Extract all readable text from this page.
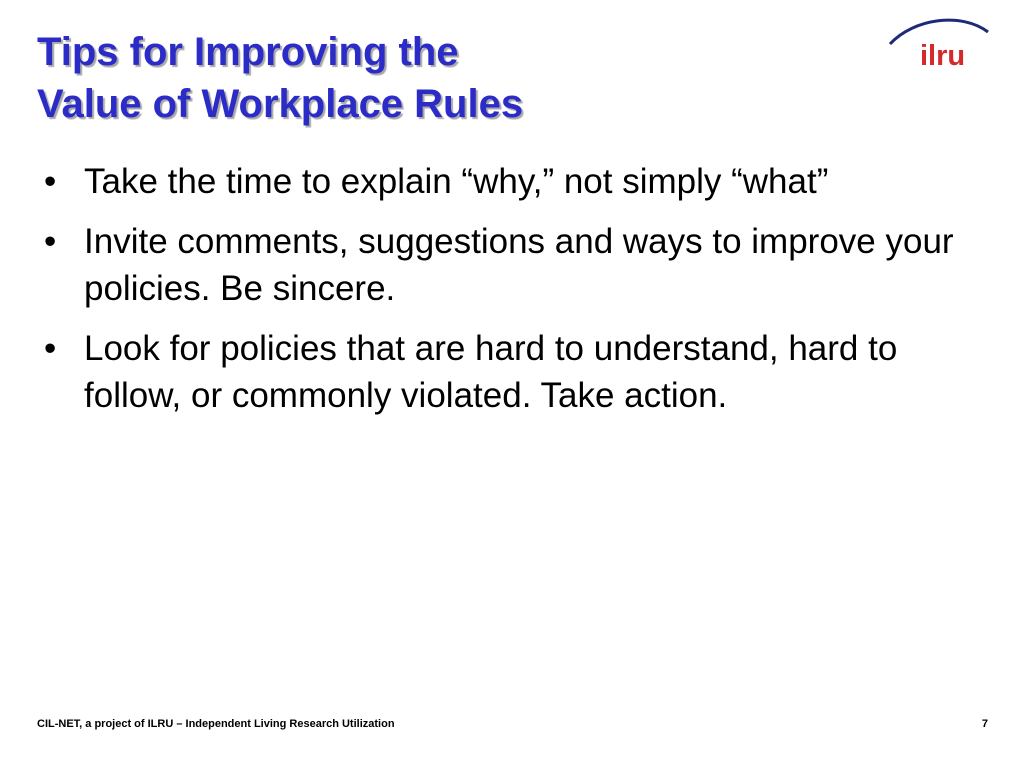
Tips for Improving the
Value of Workplace Rules
ilru
• Take the time to explain “why,” not simply “what”
• Invite comments, suggestions and ways to improve your policies. Be sincere.
• Look for policies that are hard to understand, hard to follow, or commonly violated. Take action.
CIL-NET, a project of ILRU – Independent Living Research Utilization	7
